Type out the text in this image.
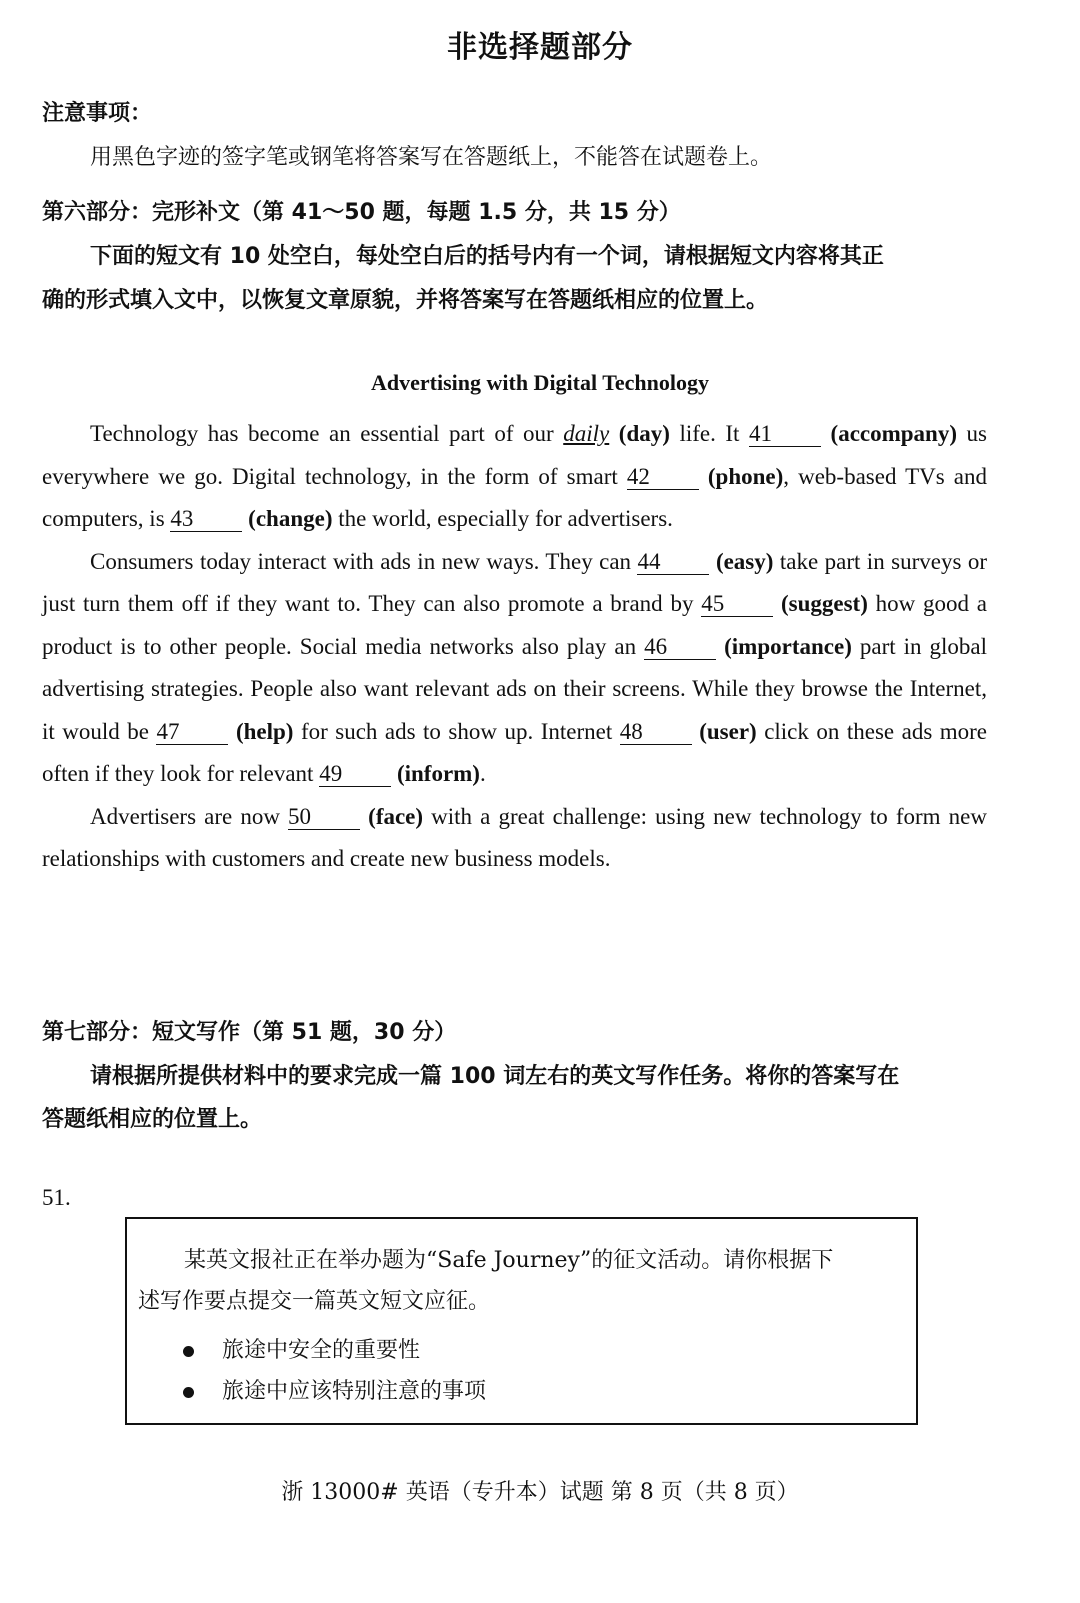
非选择题部分
注意事项：
用黑色字迹的签字笔或钢笔将答案写在答题纸上，不能答在试题卷上。
第六部分：完形补文（第 41～50 题，每题 1.5 分，共 15 分）
下面的短文有 10 处空白，每处空白后的括号内有一个词，请根据短文内容将其正
确的形式填入文中，以恢复文章原貌，并将答案写在答题纸相应的位置上。
Advertising with Digital Technology

Technology has become an essential part of our daily (day) life. It 41	(accompany) us everywhere we go. Digital technology, in the form of smart 42	(phone), web-based TVs and computers, is 43 (change) the world, especially for advertisers.

Consumers today interact with ads in new ways. They can 44 (easy) take part in surveys or just turn them off if they want to. They can also promote a brand by 45 (suggest) how good a product is to other people. Social media networks also play an 46 (importance) part in global advertising strategies. People also want relevant ads on their screens. While they browse the Internet, it would be 47 (help) for such ads to show up. Internet 48 (user) click on these ads more often if they look for relevant 49 (inform).

Advertisers are now 50 (face) with a great challenge: using new technology to form new relationships with customers and create new business models.

第七部分：短文写作（第 51 题，30 分）
请根据所提供材料中的要求完成一篇 100 词左右的英文写作任务。将你的答案写在
答题纸相应的位置上。
51.
某英文报社正在举办题为“Safe Journey”的征文活动。请你根据下
述写作要点提交一篇英文短文应征。
旅途中安全的重要性
旅途中应该特别注意的事项
浙 13000# 英语（专升本）试题 第 8 页（共 8 页）
